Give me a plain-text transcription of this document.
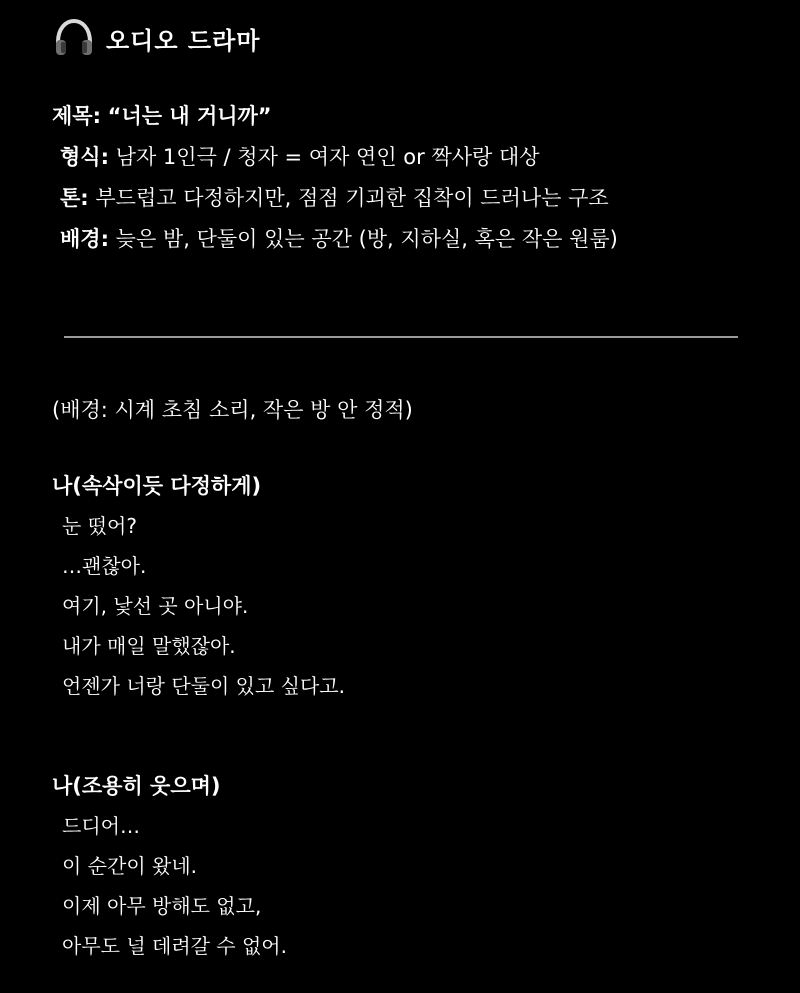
오디오 드라마
제목: “너는 내 거니까”
형식: 남자 1인극 / 청자 = 여자 연인 or 짝사랑 대상
톤: 부드럽고 다정하지만, 점점 기괴한 집착이 드러나는 구조
배경: 늦은 밤, 단둘이 있는 공간 (방, 지하실, 혹은 작은 원룸)
(배경: 시계 초침 소리, 작은 방 안 정적)
나(속삭이듯 다정하게)
눈 떴어?
…괜찮아.
여기, 낯선 곳 아니야.
내가 매일 말했잖아.
언젠가 너랑 단둘이 있고 싶다고.
나(조용히 웃으며)
드디어…
이 순간이 왔네.
이제 아무 방해도 없고,
아무도 널 데려갈 수 없어.
